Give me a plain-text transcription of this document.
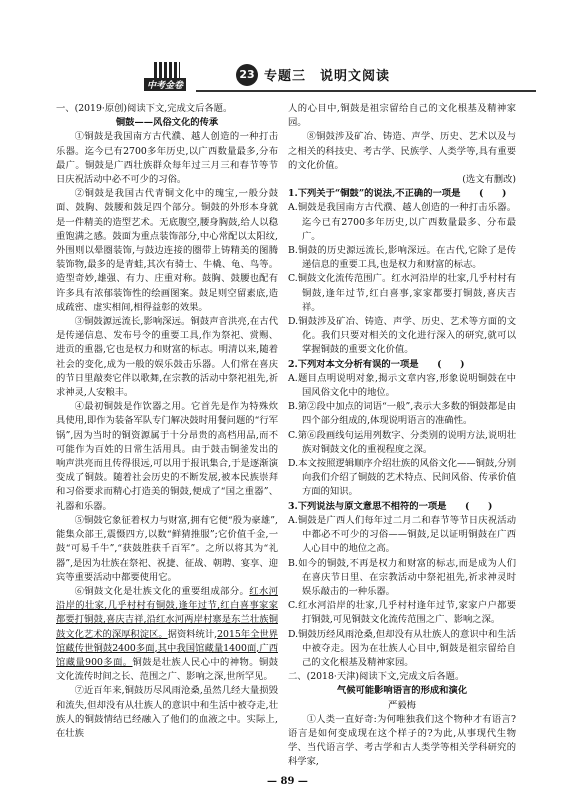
中考金卷
23 专题三　说明文阅读

一、(2019·原创)阅读下文,完成文后各题。

铜鼓——风俗文化的传承

①铜鼓是我国南方古代濮、越人创造的一种打击乐器。迄今已有2700多年历史,以广西数量最多,分布最广。铜鼓是广西壮族群众每年过三月三和春节等节日庆祝活动中必不可少的习俗。

②铜鼓是我国古代青铜文化中的瑰宝,一般分鼓面、鼓胸、鼓腰和鼓足四个部分。铜鼓的外形本身就是一件精美的造型艺术。无底腹空,腰身胸鼓,给人以稳重饱满之感。鼓面为重点装饰部分,中心常配以太阳纹,外围则以晕圈装饰,与鼓边连接的圈带上铸精美的图腾装饰物,最多的是青蛙,其次有骑士、牛橇、龟、鸟等。造型奇妙,雄强、有力、庄重对称。鼓胸、鼓腰也配有许多具有浓郁装饰性的绘画图案。鼓足则空留素底,造成疏密、虚实相间,相得益彰的效果。

③铜鼓源远流长,影响深远。铜鼓声音洪亮,在古代是传递信息、发布号令的重要工具,作为祭祀、赏赐、进贡的重器,它也是权力和财富的标志。明清以来,随着社会的变化,成为一般的娱乐鼓击乐器。人们常在喜庆的节日里敲奏它伴以歌舞,在宗教的活动中祭祀祖先,祈求神灵,人安粮丰。

④最初铜鼓是作饮器之用。它首先是作为特殊炊具使用,即作为装备军队专门解决鼓时用餐问题的“行军锅”,因为当时的铜资源属于十分昂贵的高档用品,而不可能作为百姓的日常生活用具。由于鼓击铜釜发出的响声洪亮而且传得很远,可以用于报讯集合,于是逐渐演变成了铜鼓。随着社会历史的不断发展,被本民族崇拜和习俗要求而精心打造美的铜鼓,便成了“国之重器”、礼器和乐器。

⑤铜鼓它象征着权力与财富,拥有它便“殷为豪雄”,能集众部王,震慑四方,以数“鲜猜推服”;它价值千金,一鼓“可易千牛”,“获鼓胜获千百军”。之所以将其为“礼器”,是因为壮族在祭祀、祝捷、征战、朝聘、宴享、迎宾等重要活动中都要使用它。

⑥铜鼓文化是壮族文化的重要组成部分。红水河沿岸的壮家,几乎村村有铜鼓,逢年过节,红白喜事家家都要打铜鼓,喜庆吉祥,沿红水河两岸村寨是东兰壮族铜鼓文化艺术的深厚积淀区。据资料统计,2015年全世界馆藏传世铜鼓2400多面,其中我国馆藏量1400面,广西馆藏量900多面。铜鼓是壮族人民心中的神物。铜鼓文化流传时间之长、范围之广、影响之深,世所罕见。

⑦近百年来,铜鼓历尽风雨沧桑,虽然几经大量损毁和流失,但却没有从壮族人的意识中和生活中被夺走,壮族人的铜鼓情结已经融入了他们的血液之中。实际上,在壮族

人的心目中,铜鼓是祖宗留给自己的文化根基及精神家园。

⑧铜鼓涉及矿冶、铸造、声学、历史、艺术以及与之相关的科技史、考古学、民族学、人类学等,具有重要的文化价值。

(选文有删改)

1.下列关于“铜鼓”的说法,不正确的一项是　　(　　)

A.铜鼓是我国南方古代濮、越人创造的一种打击乐器。迄今已有2700多年历史,以广西数量最多、分布最广。

B.铜鼓的历史源远流长,影响深远。在古代,它除了是传递信息的重要工具,也是权力和财富的标志。

C.铜鼓文化流传范围广。红水河沿岸的壮家,几乎村村有铜鼓,逢年过节,红白喜事,家家都要打铜鼓,喜庆吉祥。

D.铜鼓涉及矿冶、铸造、声学、历史、艺术等方面的文化。我们只要对相关的文化进行深入的研究,就可以掌握铜鼓的重要文化价值。

2.下列对本文分析有误的一项是　　(　　)

A.题目点明说明对象,揭示文章内容,形象说明铜鼓在中国风俗文化中的地位。

B.第②段中加点的词语“一般”,表示大多数的铜鼓都是由四个部分组成的,体现说明语言的准确性。

C.第⑥段画线句运用列数字、分类别的说明方法,说明壮族对铜鼓文化的重视程度之深。

D.本文按照逻辑顺序介绍壮族的风俗文化——铜鼓,分别向我们介绍了铜鼓的艺术特点、民间风俗、传承价值方面的知识。

3.下列说法与原文意思不相符的一项是　　(　　)

A.铜鼓是广西人们每年过二月二和春节等节日庆祝活动中都必不可少的习俗——铜鼓,足以证明铜鼓在广西人心目中的地位之高。

B.如今的铜鼓,不再是权力和财富的标志,而是成为人们在喜庆节日里、在宗教活动中祭祀祖先,祈求神灵时娱乐敲击的一种乐器。

C.红水河沿岸的壮家,几乎村村逢年过节,家家户户都要打铜鼓,可见铜鼓文化流传范围之广、影响之深。

D.铜鼓历经风雨沧桑,但却没有从壮族人的意识中和生活中被夺走。因为在壮族人心目中,铜鼓是祖宗留给自己的文化根基及精神家园。

二、(2018·天津)阅读下文,完成文后各题。

气候可能影响语言的形成和演化

严毅梅

①人类一直好奇:为何唯独我们这个物种才有语言?语言是如何变成现在这个样子的?为此,从事现代生物学、当代语言学、考古学和古人类学等相关学科研究的科学家,

— 89 —
